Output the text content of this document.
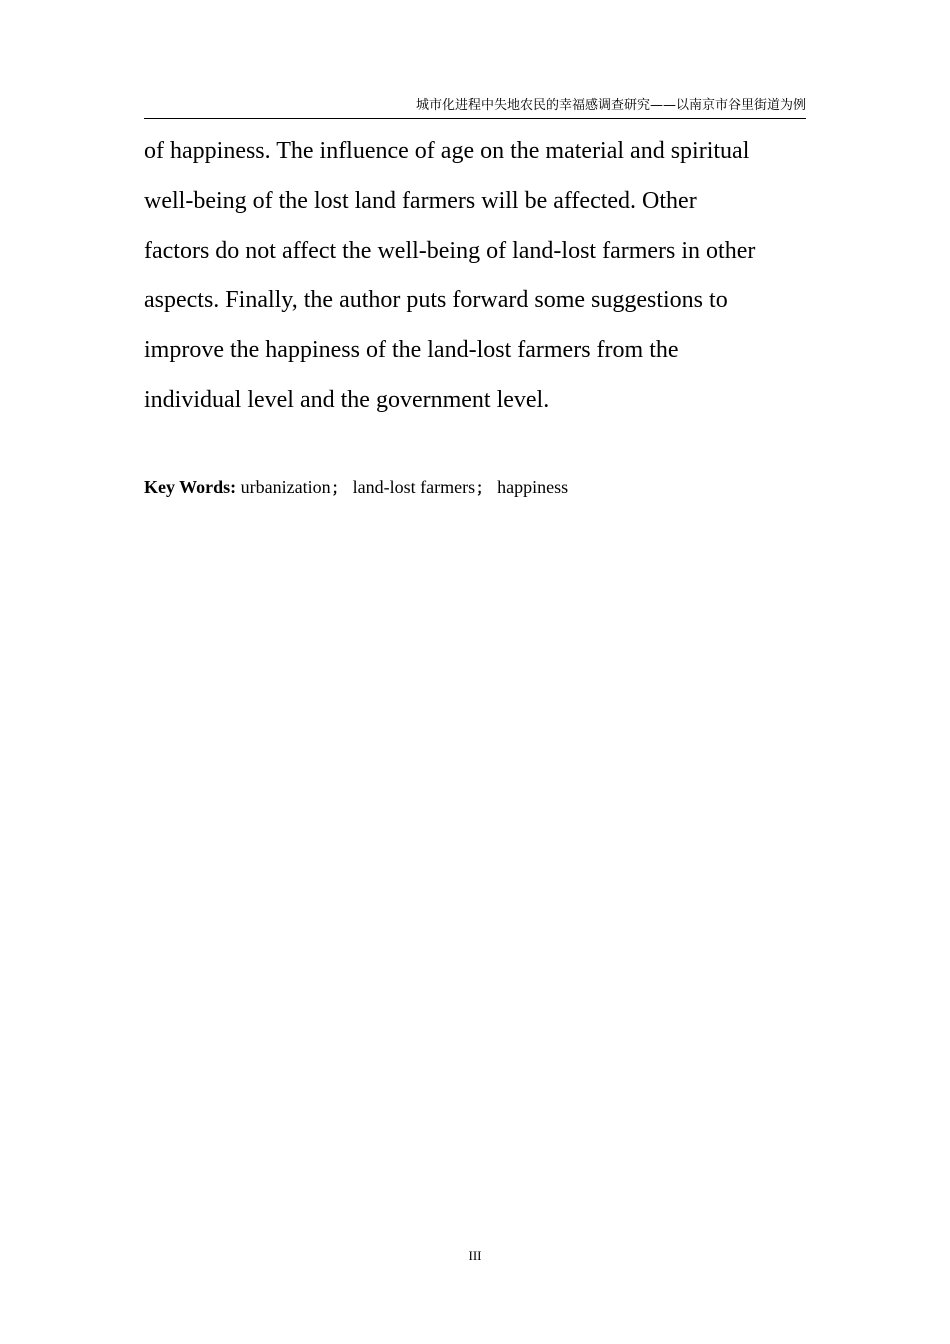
城市化进程中失地农民的幸福感调查研究——以南京市谷里街道为例
of happiness. The influence of age on the material and spiritual
well-being of the lost land farmers will be affected. Other
factors do not affect the well-being of land-lost farmers in other
aspects. Finally, the author puts forward some suggestions to
improve the happiness of the land-lost farmers from the
individual level and the government level.
Key Words: urbanization； land-lost farmers； happiness
III
